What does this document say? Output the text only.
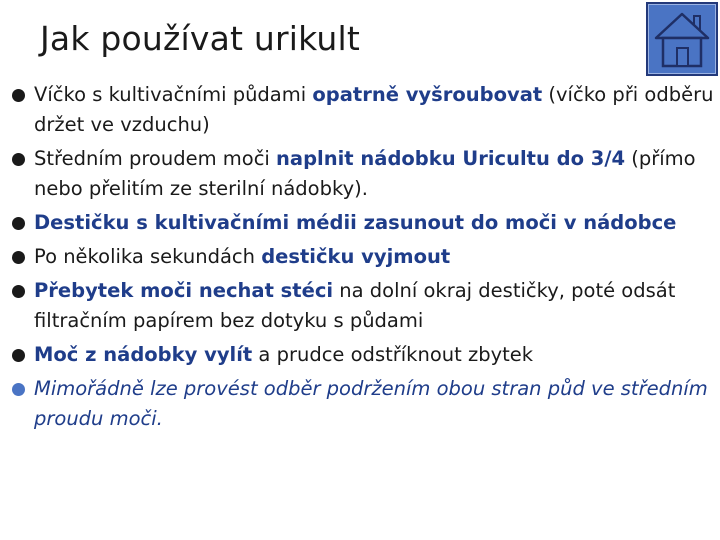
Jak používat urikult
Víčko s kultivačními půdami opatrně vyšroubovat (víčko při odběru držet ve vzduchu)
Středním proudem moči naplnit nádobku Uricultu do 3/4 (přímo nebo přelitím ze sterilní nádobky).
Destičku s kultivačními médii zasunout do moči v nádobce
Po několika sekundách destičku vyjmout
Přebytek moči nechat stéci na dolní okraj destičky, poté odsát filtračním papírem bez dotyku s půdami
Moč z nádobky vylít a prudce odstříknout zbytek
Mimořádně lze provést odběr podržením obou stran půd ve středním proudu moči.
